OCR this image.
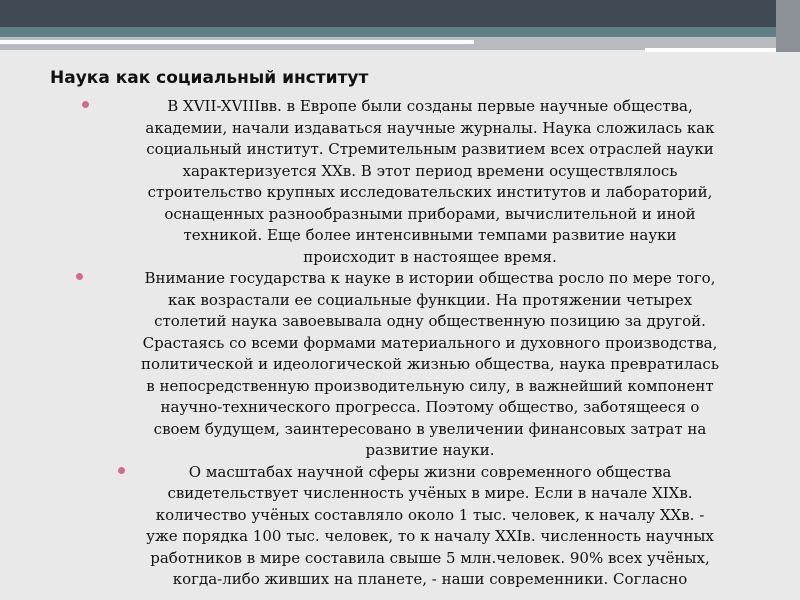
Наука как социальный институт
В XVII-XVIIIвв. в Европе были созданы первые научные общества,
академии, начали издаваться научные журналы. Наука сложилась как
социальный институт. Стремительным развитием всех отраслей науки
характеризуется XXв. В этот период времени осуществлялось
строительство крупных исследовательских институтов и лабораторий,
оснащенных разнообразными приборами, вычислительной и иной
техникой. Еще более интенсивными темпами развитие науки
происходит в настоящее время.
Внимание государства к науке в истории общества росло по мере того,
как возрастали ее социальные функции. На протяжении четырех
столетий наука завоевывала одну общественную позицию за другой.
Срастаясь со всеми формами материального и духовного производства,
политической и идеологической жизнью общества, наука превратилась
в непосредственную производительную силу, в важнейший компонент
научно-технического прогресса. Поэтому общество, заботящееся о
своем будущем, заинтересовано в увеличении финансовых затрат на
развитие науки.
О масштабах научной сферы жизни современного общества
свидетельствует численность учёных в мире. Если в начале XIXв.
количество учёных составляло около 1 тыс. человек, к началу XXв. -
уже порядка 100 тыс. человек, то к началу XXIв. численность научных
работников в мире составила свыше 5 млн.человек. 90% всех учёных,
когда-либо живших на планете, - наши современники. Согласно
